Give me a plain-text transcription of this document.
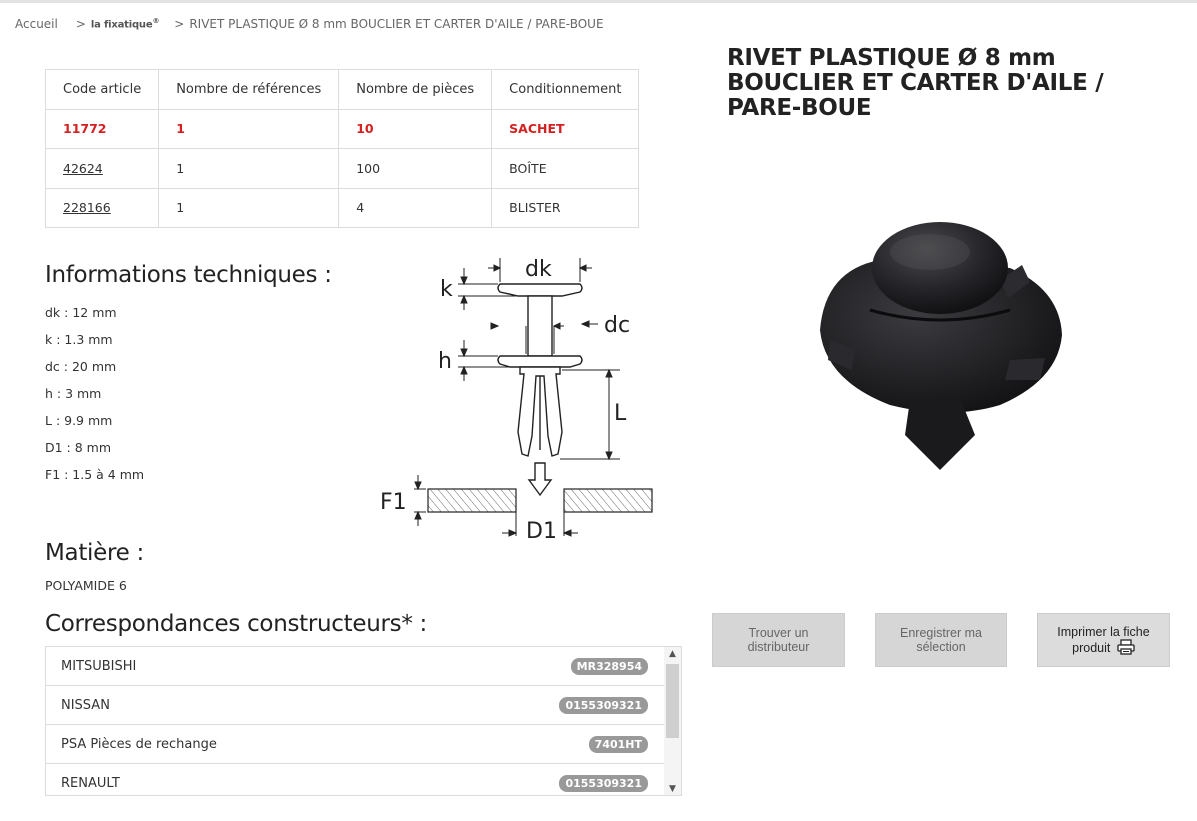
Accueil > la fixatique® > RIVET PLASTIQUE Ø 8 mm BOUCLIER ET CARTER D'AILE / PARE-BOUE
Code article	Nombre de références	Nombre de pièces	Conditionnement
11772	1	10	SACHET
42624	1	100	BOÎTE
228166	1	4	BLISTER
Informations techniques :
dk : 12 mm
k : 1.3 mm
dc : 20 mm
h : 3 mm
L : 9.9 mm
D1 : 8 mm
F1 : 1.5 à 4 mm
dk
k
dc
h
L
F1
D1
Matière :
POLYAMIDE 6
Correspondances constructeurs* :
MITSUBISHI	MR328954
NISSAN	0155309321
PSA Pièces de rechange	7401HT
RENAULT	0155309321
▲
▼
RIVET PLASTIQUE Ø 8 mm BOUCLIER ET CARTER D'AILE / PARE-BOUE
Trouver un distributeur
Enregistrer ma sélection
Imprimer la fiche produit
